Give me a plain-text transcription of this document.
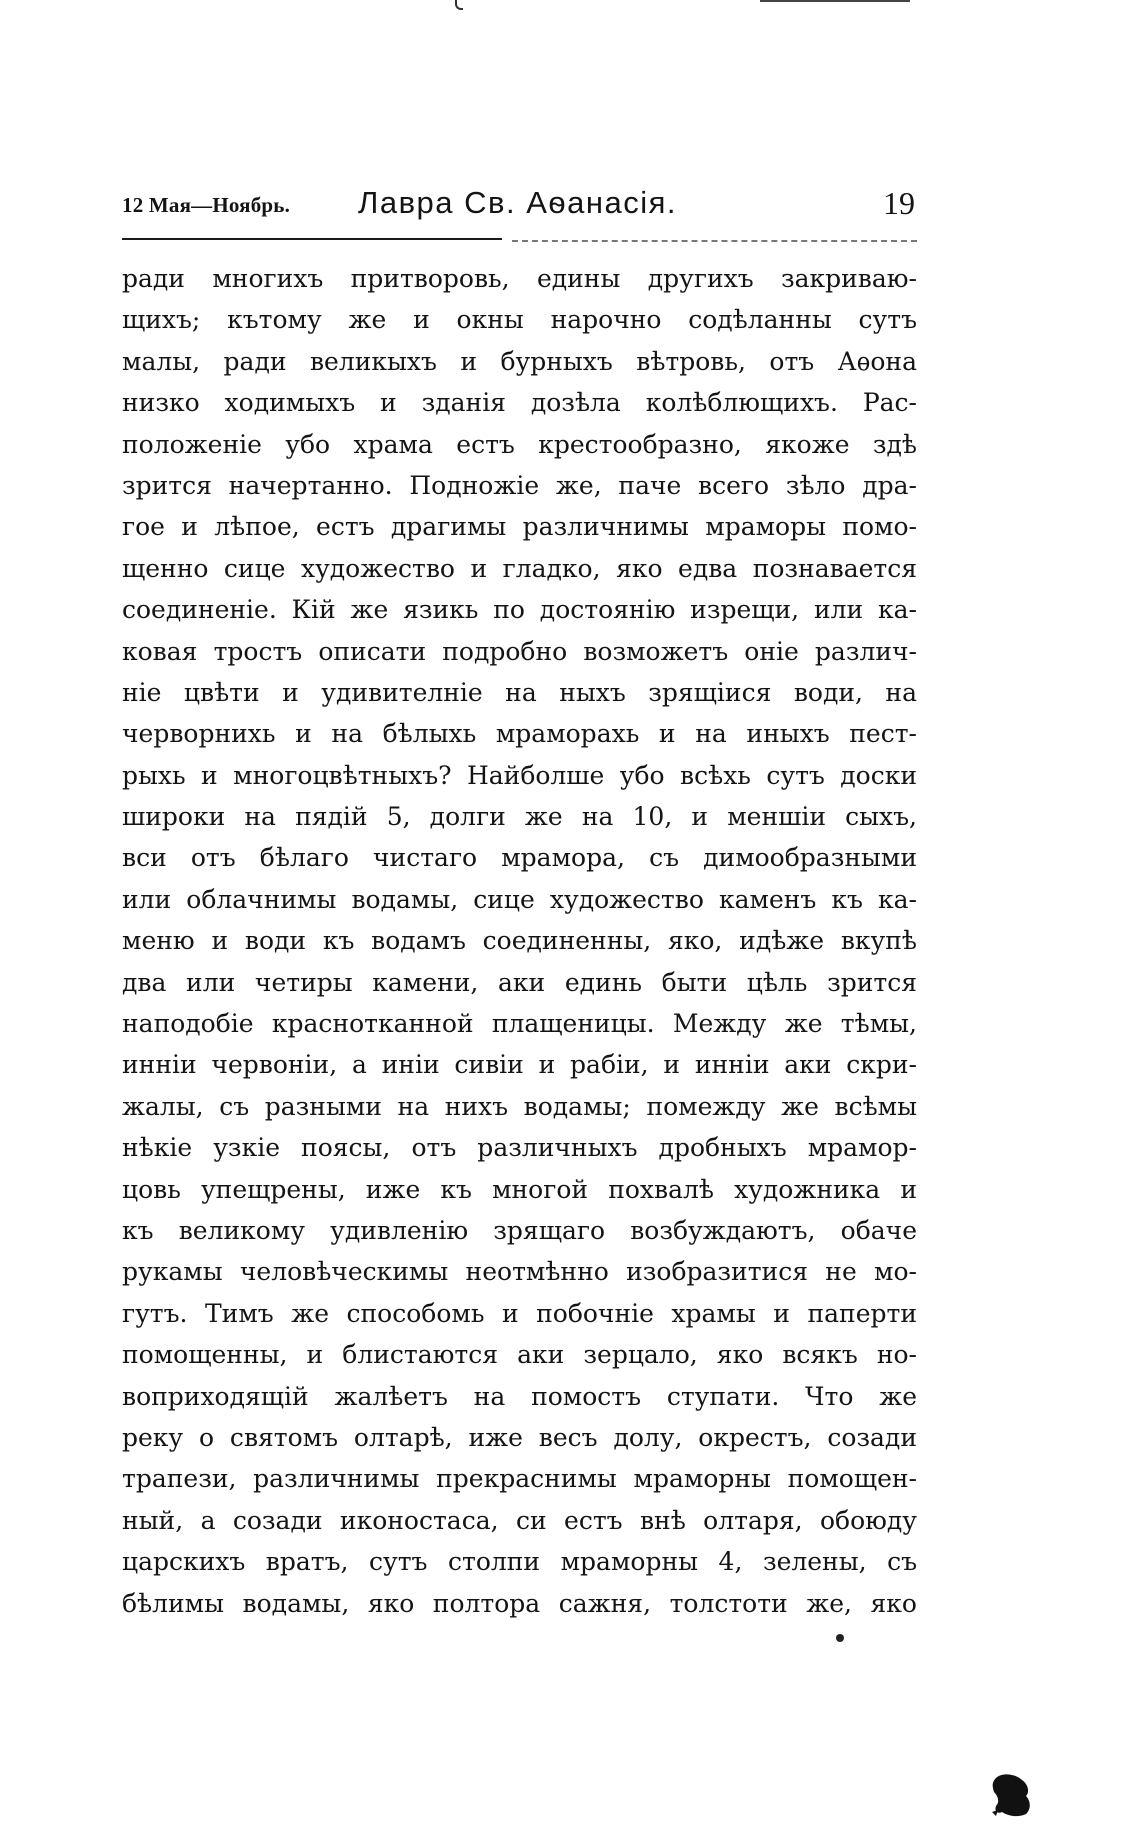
12 Мая—Ноябрь. Лавра Св. Аѳанасія.	19
ради многихъ притворовь, едины другихъ закриваю-
щихъ; кътому же и окны нарочно содѣланны сутъ
малы, ради великыхъ и бурныхъ вѣтровь, отъ Аѳона
низко ходимыхъ и зданія дозѣла колѣблющихъ. Рас-
положеніе убо храма естъ крестообразно, якоже здѣ
зрится начертанно. Подножіе же, паче всего зѣло дра-
гое и лѣпое, естъ драгимы различнимы мраморы помо-
щенно сице художество и гладко, яко едва познавается
соединеніе. Кій же язикь по достоянію изрещи, или ка-
ковая тростъ описати подробно возможетъ оніе различ-
ніе цвѣти и удивителніе на ныхъ зрящіися води, на
черворнихь и на бѣлыхь мраморахь и на иныхъ пест-
рыхь и многоцвѣтныхъ? Найболше убо всѣхь сутъ доски
широки на пядій 5, долги же на 10, и меншіи сыхъ,
вси отъ бѣлаго чистаго мрамора, съ димообразными
или облачнимы водамы, сице художество каменъ къ ка-
меню и води къ водамъ соединенны, яко, идѣже вкупѣ
два или четиры камени, аки единь быти цѣль зрится
наподобіе краснотканной плащеницы. Между же тѣмы,
инніи червоніи, а иніи сивіи и рабіи, и инніи аки скри-
жалы, съ разными на нихъ водамы; помежду же всѣмы
нѣкіе узкіе поясы, отъ различныхъ дробныхъ мрамор-
цовь упещрены, иже къ многой похвалѣ художника и
къ великому удивленію зрящаго возбуждаютъ, обаче
рукамы человѣческимы неотмѣнно изобразитися не мо-
гутъ. Тимъ же способомь и побочніе храмы и паперти
помощенны, и блистаются аки зерцало, яко всякъ но-
воприходящій жалѣетъ на помостъ ступати. Что же
реку о святомъ олтарѣ, иже весъ долу, окрестъ, созади
трапези, различнимы прекраснимы мраморны помощен-
ный, а созади иконостаса, си естъ внѣ олтаря, обоюду
царскихъ вратъ, сутъ столпи мраморны 4, зелены, съ
бѣлимы водамы, яко полтора сажня, толстоти же, яко
